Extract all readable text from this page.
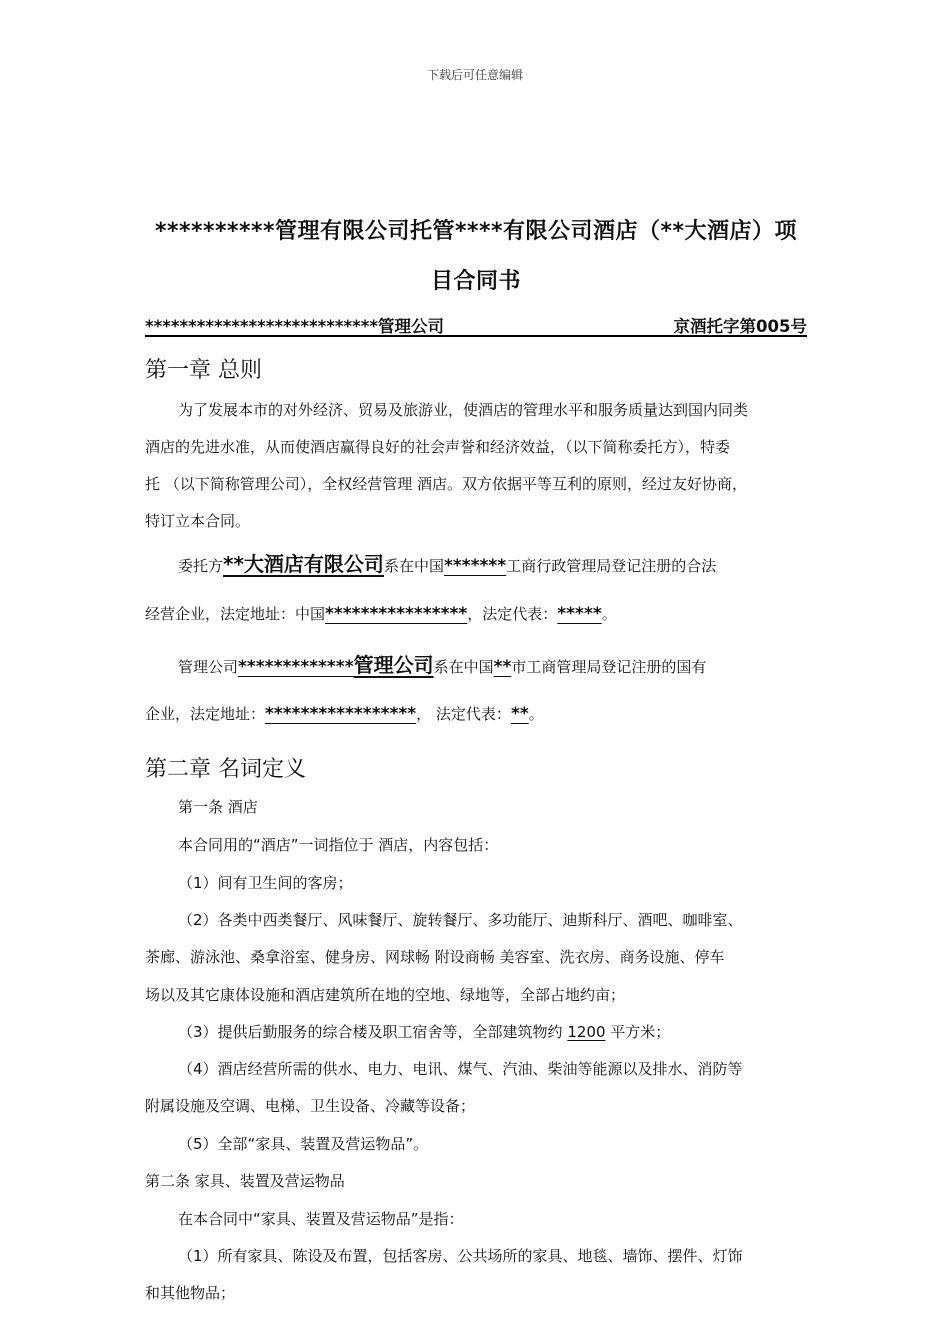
下载后可任意编辑
**********管理有限公司托管****有限公司酒店（**大酒店）项
目合同书
***************************管理公司	京酒托字第005号
第一章 总则
为了发展本市的对外经济、贸易及旅游业，使酒店的管理水平和服务质量达到国内同类
酒店的先进水准，从而使酒店赢得良好的社会声誉和经济效益，（以下简称委托方），特委
托 （以下简称管理公司），全权经营管理 酒店。双方依据平等互利的原则，经过友好协商，
特订立本合同。
委托方**大酒店有限公司系在中国*******工商行政管理局登记注册的合法
经营企业，法定地址：中国****************，法定代表：*****。
管理公司*************管理公司系在中国**市工商管理局登记注册的国有
企业，法定地址：*****************， 法定代表：**。
第二章 名词定义
第一条 酒店
本合同用的“酒店”一词指位于 酒店，内容包括：
（1）间有卫生间的客房；
（2）各类中西类餐厅、风味餐厅、旋转餐厅、多功能厅、迪斯科厅、酒吧、咖啡室、
茶廊、游泳池、桑拿浴室、健身房、网球畅 附设商畅 美容室、洗衣房、商务设施、停车
场以及其它康体设施和酒店建筑所在地的空地、绿地等，全部占地约亩；
（3）提供后勤服务的综合楼及职工宿舍等，全部建筑物约 1200 平方米；
（4）酒店经营所需的供水、电力、电讯、煤气、汽油、柴油等能源以及排水、消防等
附属设施及空调、电梯、卫生设备、冷藏等设备；
（5）全部“家具、装置及营运物品”。
第二条 家具、装置及营运物品
在本合同中“家具、装置及营运物品”是指：
（1）所有家具、陈设及布置，包括客房、公共场所的家具、地毯、墙饰、摆件、灯饰
和其他物品；
